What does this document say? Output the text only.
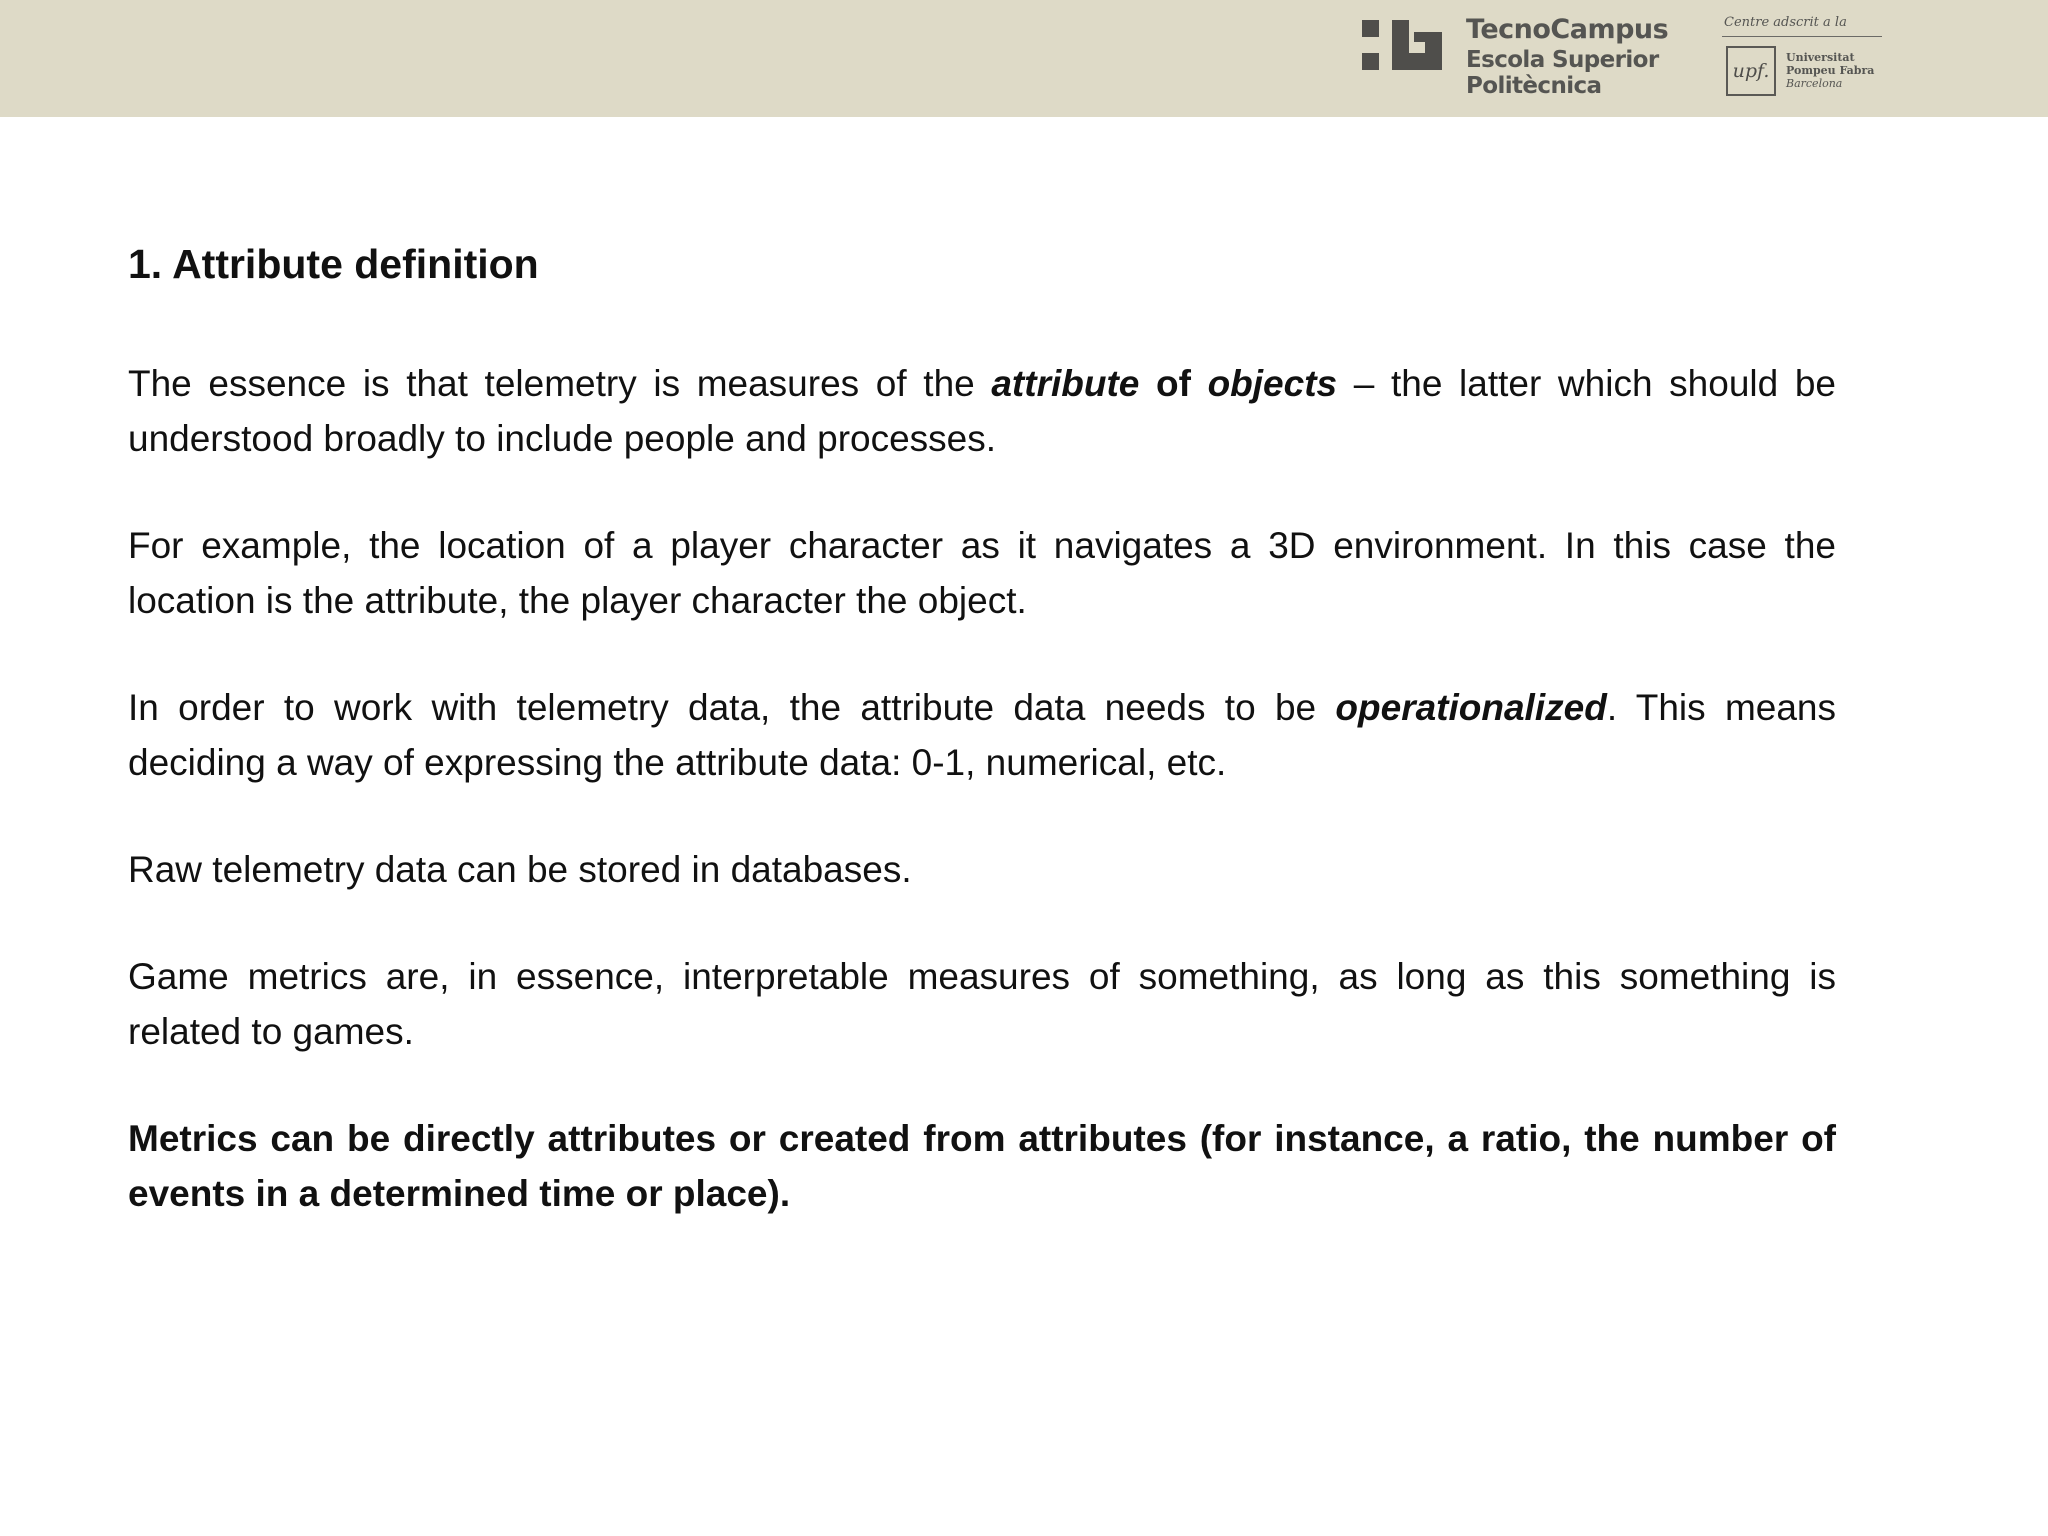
TecnoCampus
Escola Superior
Politècnica
Centre adscrit a la
upf.
Universitat
Pompeu Fabra
Barcelona
1. Attribute definition

The essence is that telemetry is measures of the attribute of objects – the latter which should be understood broadly to include people and processes.

For example, the location of a player character as it navigates a 3D environment. In this case the location is the attribute, the player character the object.

In order to work with telemetry data, the attribute data needs to be operationalized. This means deciding a way of expressing the attribute data: 0-1, numerical, etc.

Raw telemetry data can be stored in databases.

Game metrics are, in essence, interpretable measures of something, as long as this something is related to games.

Metrics can be directly attributes or created from attributes (for instance, a ratio, the number of events in a determined time or place).
